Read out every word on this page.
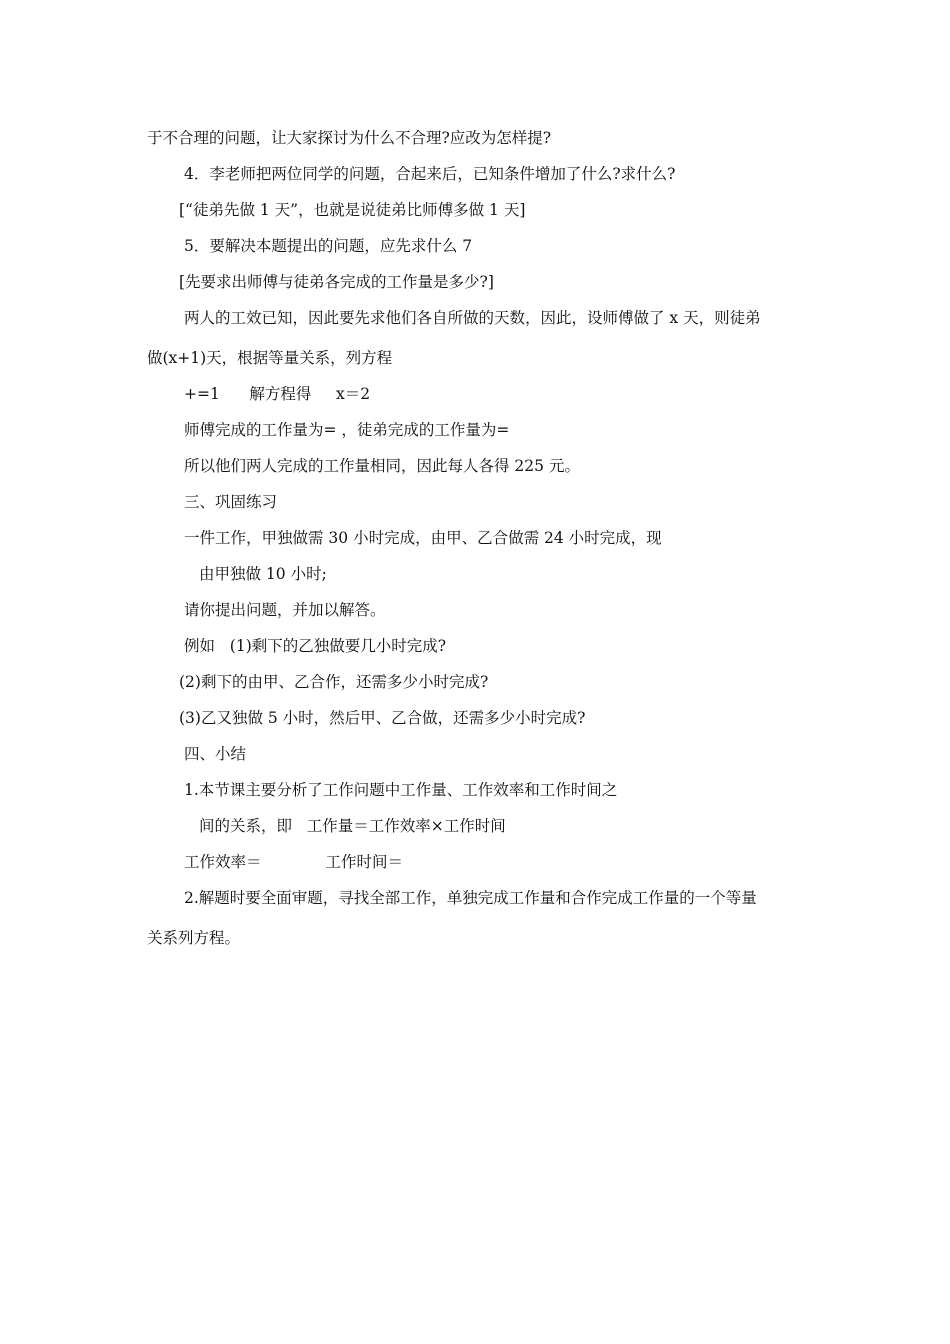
于不合理的问题，让大家探讨为什么不合理?应改为怎样提?
4．李老师把两位同学的问题，合起来后，已知条件增加了什么?求什么?
[“徒弟先做 1 天”，也就是说徒弟比师傅多做 1 天]
5．要解决本题提出的问题，应先求什么 7
[先要求出师傅与徒弟各完成的工作量是多少?]
两人的工效已知，因此要先求他们各自所做的天数，因此，设师傅做了 x 天，则徒弟
做(x+1)天，根据等量关系，列方程
+=1      解方程得     x＝2
师傅完成的工作量为= ，徒弟完成的工作量为=
所以他们两人完成的工作量相同，因此每人各得 225 元。
三、巩固练习
一件工作，甲独做需 30 小时完成，由甲、乙合做需 24 小时完成，现
由甲独做 10 小时;
请你提出问题，并加以解答。
例如   (1)剩下的乙独做要几小时完成?
(2)剩下的由甲、乙合作，还需多少小时完成?
(3)乙又独做 5 小时，然后甲、乙合做，还需多少小时完成?
四、小结
1.本节课主要分析了工作问题中工作量、工作效率和工作时间之
间的关系，即   工作量＝工作效率×工作时间
工作效率＝             工作时间＝
2.解题时要全面审题，寻找全部工作，单独完成工作量和合作完成工作量的一个等量
关系列方程。
